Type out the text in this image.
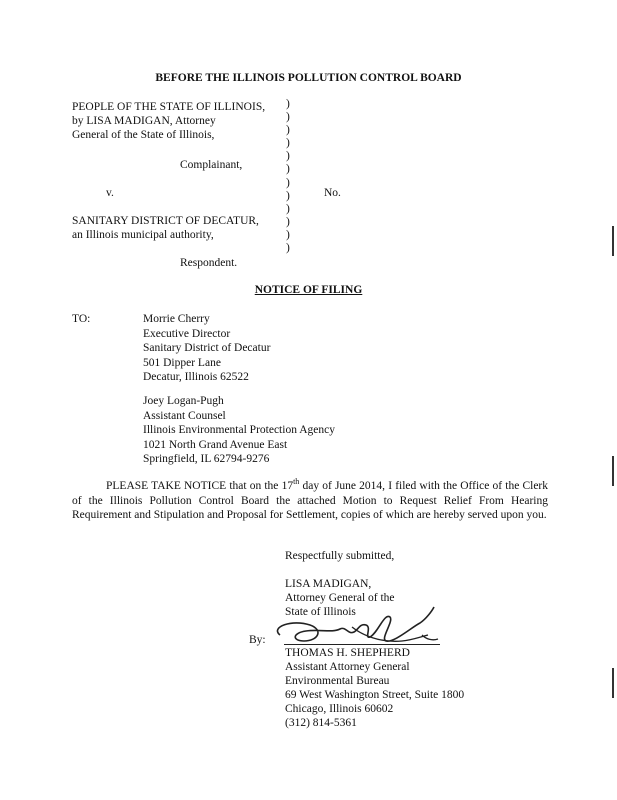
BEFORE THE ILLINOIS POLLUTION CONTROL BOARD
PEOPLE OF THE STATE OF ILLINOIS,
by LISA MADIGAN, Attorney
General of the State of Illinois,
Complainant,
v.
SANITARY DISTRICT OF DECATUR,
an Illinois municipal authority,
Respondent.
)
)
)
)
)
)
)
)
)
)
)
)
No.
NOTICE OF FILING
TO:	Morrie Cherry
Executive Director
Sanitary District of Decatur
501 Dipper Lane
Decatur, Illinois 62522
Joey Logan-Pugh
Assistant Counsel
Illinois Environmental Protection Agency
1021 North Grand Avenue East
Springfield, IL 62794-9276
PLEASE TAKE NOTICE that on the 17th day of June 2014, I filed with the Office of the Clerk of the Illinois Pollution Control Board the attached Motion to Request Relief From Hearing Requirement and Stipulation and Proposal for Settlement, copies of which are hereby served upon you.
Respectfully submitted,
LISA MADIGAN,
Attorney General of the
State of Illinois
By:
THOMAS H. SHEPHERD
Assistant Attorney General
Environmental Bureau
69 West Washington Street, Suite 1800
Chicago, Illinois 60602
(312) 814-5361
